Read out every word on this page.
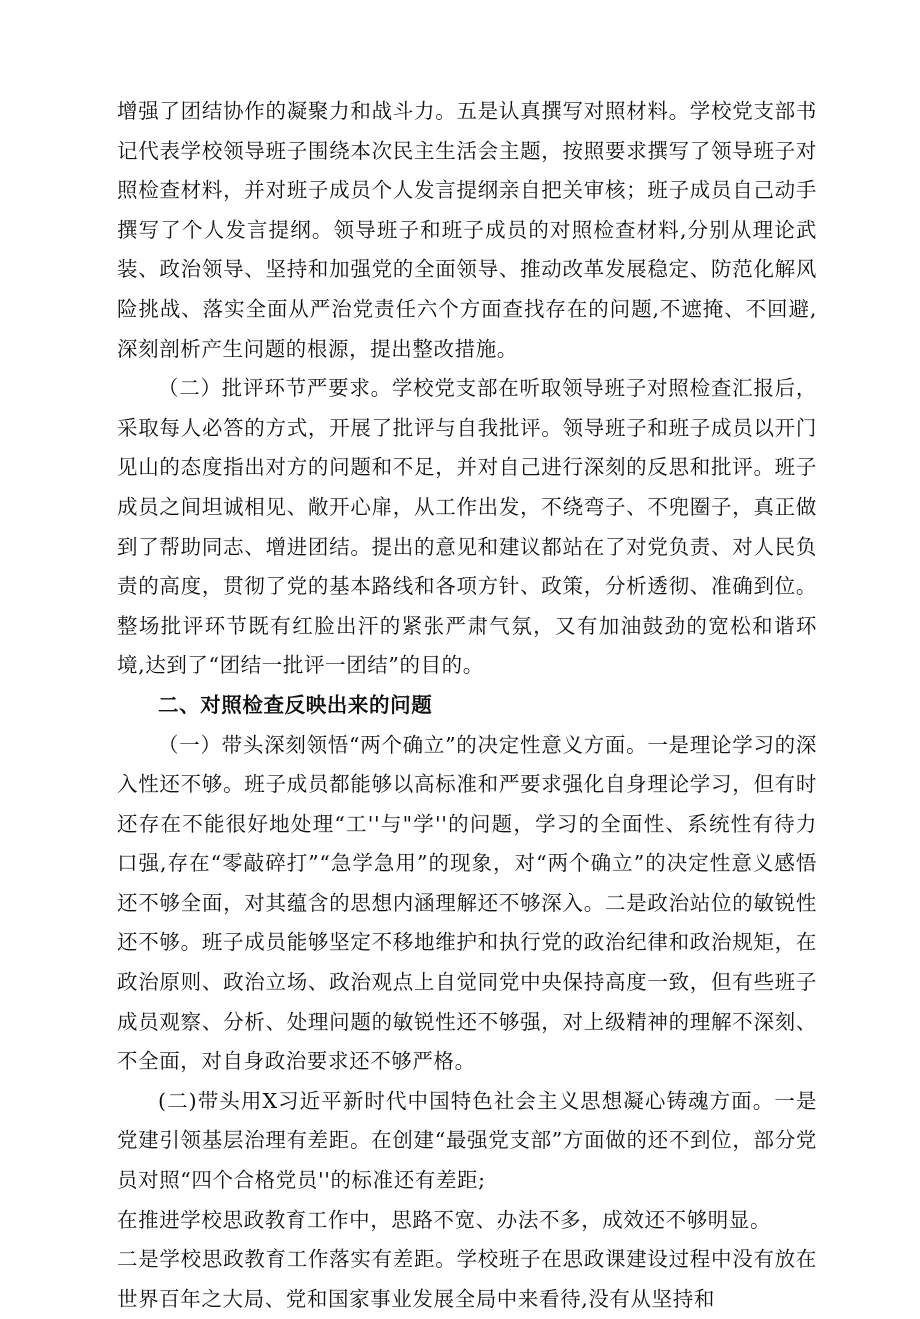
增强了团结协作的凝聚力和战斗力。五是认真撰写对照材料。学校党支部书记代表学校领导班子围绕本次民主生活会主题，按照要求撰写了领导班子对照检查材料，并对班子成员个人发言提纲亲自把关审核；班子成员自己动手撰写了个人发言提纲。领导班子和班子成员的对照检查材料,分别从理论武装、政治领导、坚持和加强党的全面领导、推动改革发展稳定、防范化解风险挑战、落实全面从严治党责任六个方面查找存在的问题,不遮掩、不回避,深刻剖析产生问题的根源，提出整改措施。

（二）批评环节严要求。学校党支部在听取领导班子对照检查汇报后，采取每人必答的方式，开展了批评与自我批评。领导班子和班子成员以开门见山的态度指出对方的问题和不足，并对自己进行深刻的反思和批评。班子成员之间坦诚相见、敞开心扉，从工作出发，不绕弯子、不兜圈子，真正做到了帮助同志、增进团结。提出的意见和建议都站在了对党负责、对人民负责的高度，贯彻了党的基本路线和各项方针、政策，分析透彻、准确到位。整场批评环节既有红脸出汗的紧张严肃气氛，又有加油鼓劲的宽松和谐环境,达到了“团结一批评一团结”的目的。

二、对照检查反映出来的问题

（一）带头深刻领悟“两个确立”的决定性意义方面。一是理论学习的深入性还不够。班子成员都能够以高标准和严要求强化自身理论学习，但有时还存在不能很好地处理“工''与"学''的问题，学习的全面性、系统性有待力口强,存在“零敲碎打”“急学急用”的现象，对“两个确立”的决定性意义感悟还不够全面，对其蕴含的思想内涵理解还不够深入。二是政治站位的敏锐性还不够。班子成员能够坚定不移地维护和执行党的政治纪律和政治规矩，在政治原则、政治立场、政治观点上自觉同党中央保持高度一致，但有些班子成员观察、分析、处理问题的敏锐性还不够强，对上级精神的理解不深刻、不全面，对自身政治要求还不够严格。

(二)带头用X习近平新时代中国特色社会主义思想凝心铸魂方面。一是党建引领基层治理有差距。在创建“最强党支部”方面做的还不到位，部分党员对照“四个合格党员''的标准还有差距;

在推进学校思政教育工作中，思路不宽、办法不多，成效还不够明显。

二是学校思政教育工作落实有差距。学校班子在思政课建设过程中没有放在世界百年之大局、党和国家事业发展全局中来看待,没有从坚持和
